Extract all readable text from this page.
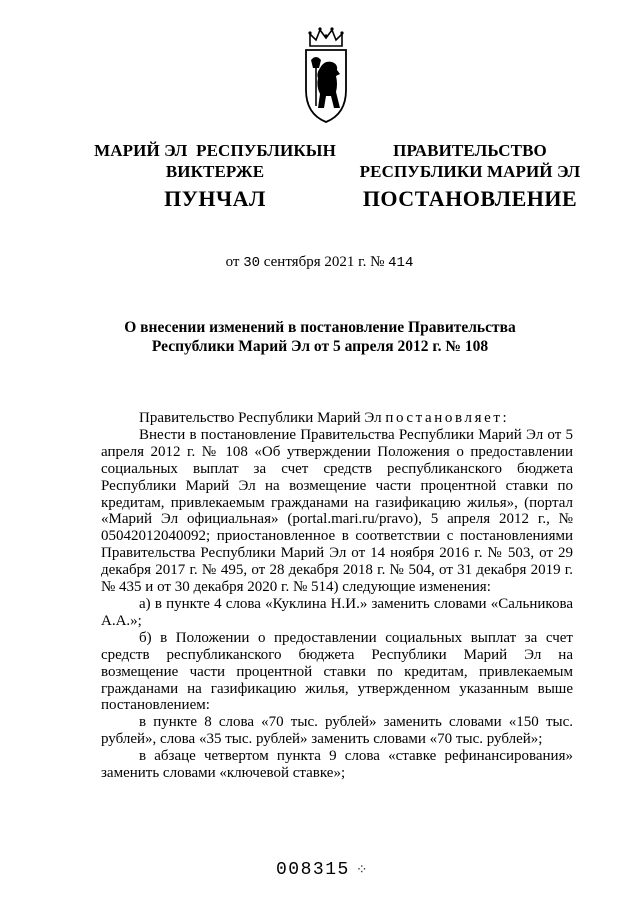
МАРИЙ ЭЛ  РЕСПУБЛИКЫН
ВИКТЕРЖЕ
ПУНЧАЛ
ПРАВИТЕЛЬСТВО
РЕСПУБЛИКИ МАРИЙ ЭЛ
ПОСТАНОВЛЕНИЕ
от 30 сентября 2021 г. № 414
О внесении изменений в постановление Правительства
Республики Марий Эл от 5 апреля 2012 г. № 108

Правительство Республики Марий Эл постановляет:

Внести в постановление Правительства Республики Марий Эл от 5 апреля 2012 г. № 108 «Об утверждении Положения о предоставлении социальных выплат за счет средств республиканского бюджета Республики Марий Эл на возмещение части процентной ставки по кредитам, привлекаемым гражданами на газификацию жилья», (портал «Марий Эл официальная» (portal.mari.ru/pravo), 5 апреля 2012 г., № 05042012040092; приостановленное в соответствии с постановлениями Правительства Республики Марий Эл от 14 ноября 2016 г. № 503, от 29 декабря 2017 г. № 495, от 28 декабря 2018 г. № 504, от 31 декабря 2019 г. № 435 и от 30 декабря 2020 г. № 514) следующие изменения:

а) в пункте 4 слова «Куклина Н.И.» заменить словами «Сальникова А.А.»;

б) в Положении о предоставлении социальных выплат за счет средств республиканского бюджета Республики Марий Эл на возмещение части процентной ставки по кредитам, привлекаемым гражданами на газификацию жилья, утвержденном указанным выше постановлением:

в пункте 8 слова «70 тыс. рублей» заменить словами «150 тыс. рублей», слова «35 тыс. рублей» заменить словами «70 тыс. рублей»;

в абзаце четвертом пункта 9 слова «ставке рефинансирования» заменить словами «ключевой ставке»;

008315 ⁘
